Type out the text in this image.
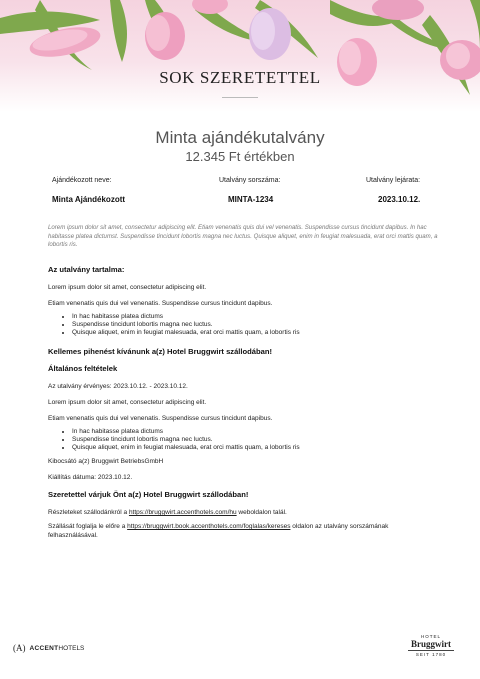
SOK SZERETETTEL
Minta ajándékutalvány
12.345 Ft értékben
Ajándékozott neve:
Minta Ajándékozott
Utalvány sorszáma:
MINTA-1234
Utalvány lejárata:
2023.10.12.
Lorem ipsum dolor sit amet, consectetur adipiscing elit. Etiam venenatis quis dui vel venenatis. Suspendisse cursus tincidunt dapibus. In hac habitasse platea dictumst. Suspendisse tincidunt lobortis magna nec luctus. Quisque aliquet, enim in feugiat malesuada, erat orci mattis quam, a lobortis ris.
Az utalvány tartalma:

Lorem ipsum dolor sit amet, consectetur adipiscing elit.

Etiam venenatis quis dui vel venenatis. Suspendisse cursus tincidunt dapibus.

• In hac habitasse platea dictums
• Suspendisse tincidunt lobortis magna nec luctus.
• Quisque aliquet, enim in feugiat malesuada, erat orci mattis quam, a lobortis ris
Kellemes pihenést kívánunk a(z) Hotel Bruggwirt szállodában!
Általános feltételek

Az utalvány érvényes: 2023.10.12. - 2023.10.12.

Lorem ipsum dolor sit amet, consectetur adipiscing elit.

Etiam venenatis quis dui vel venenatis. Suspendisse cursus tincidunt dapibus.

• In hac habitasse platea dictums
• Suspendisse tincidunt lobortis magna nec luctus.
• Quisque aliquet, enim in feugiat malesuada, erat orci mattis quam, a lobortis ris

Kibocsátó a(z) Bruggwirt BetriebsGmbH

Kiállítás dátuma: 2023.10.12.

Szeretettel várjuk Önt a(z) Hotel Bruggwirt szállodában!

Részleteket szállodánkról a https://bruggwirt.accenthotels.com/hu weboldalon talál.

Szállását foglalja le előre a https://bruggwirt.book.accenthotels.com/foglalas/kereses oldalon az utalvány sorszámának felhasználásával.

(A) ACCENTHOTELS
HOTEL
Bruggwirt
SEIT 1780
